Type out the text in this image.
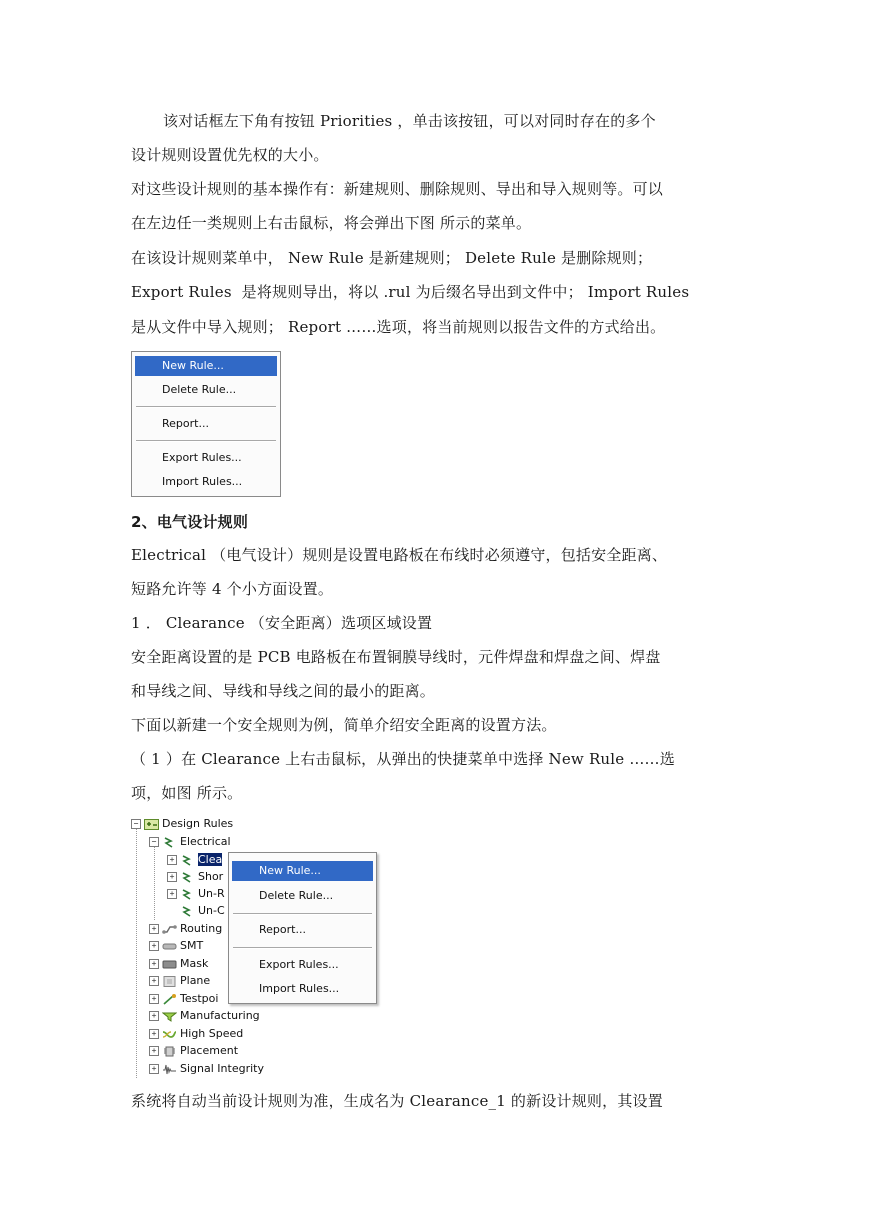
该对话框左下角有按钮 Priorities ，单击该按钮，可以对同时存在的多个
设计规则设置优先权的大小。
对这些设计规则的基本操作有：新建规则、删除规则、导出和导入规则等。可以
在左边任一类规则上右击鼠标，将会弹出下图 所示的菜单。
在该设计规则菜单中， New Rule 是新建规则； Delete Rule 是删除规则；
Export Rules  是将规则导出，将以 .rul 为后缀名导出到文件中； Import Rules
是从文件中导入规则； Report ……选项，将当前规则以报告文件的方式给出。
New Rule...
Delete Rule...
Report...
Export Rules...
Import Rules...
2、电气设计规则
Electrical （电气设计）规则是设置电路板在布线时必须遵守，包括安全距离、
短路允许等 4 个小方面设置。
1 ． Clearance （安全距离）选项区域设置
安全距离设置的是 PCB 电路板在布置铜膜导线时，元件焊盘和焊盘之间、焊盘
和导线之间、导线和导线之间的最小的距离。
下面以新建一个安全规则为例，简单介绍安全距离的设置方法。
（ 1 ）在 Clearance 上右击鼠标，从弹出的快捷菜单中选择 New Rule ……选
项，如图 所示。
− Design Rules
− Electrical
+ Clea
+ Shor
+ Un-R
Un-C
+ Routing
+ SMT
+ Mask
+ Plane
+ Testpoi
+ Manufacturing
+ High Speed
+ Placement
+ Signal Integrity
New Rule...
Delete Rule...
Report...
Export Rules...
Import Rules...
系统将自动当前设计规则为准，生成名为 Clearance_1 的新设计规则，其设置
